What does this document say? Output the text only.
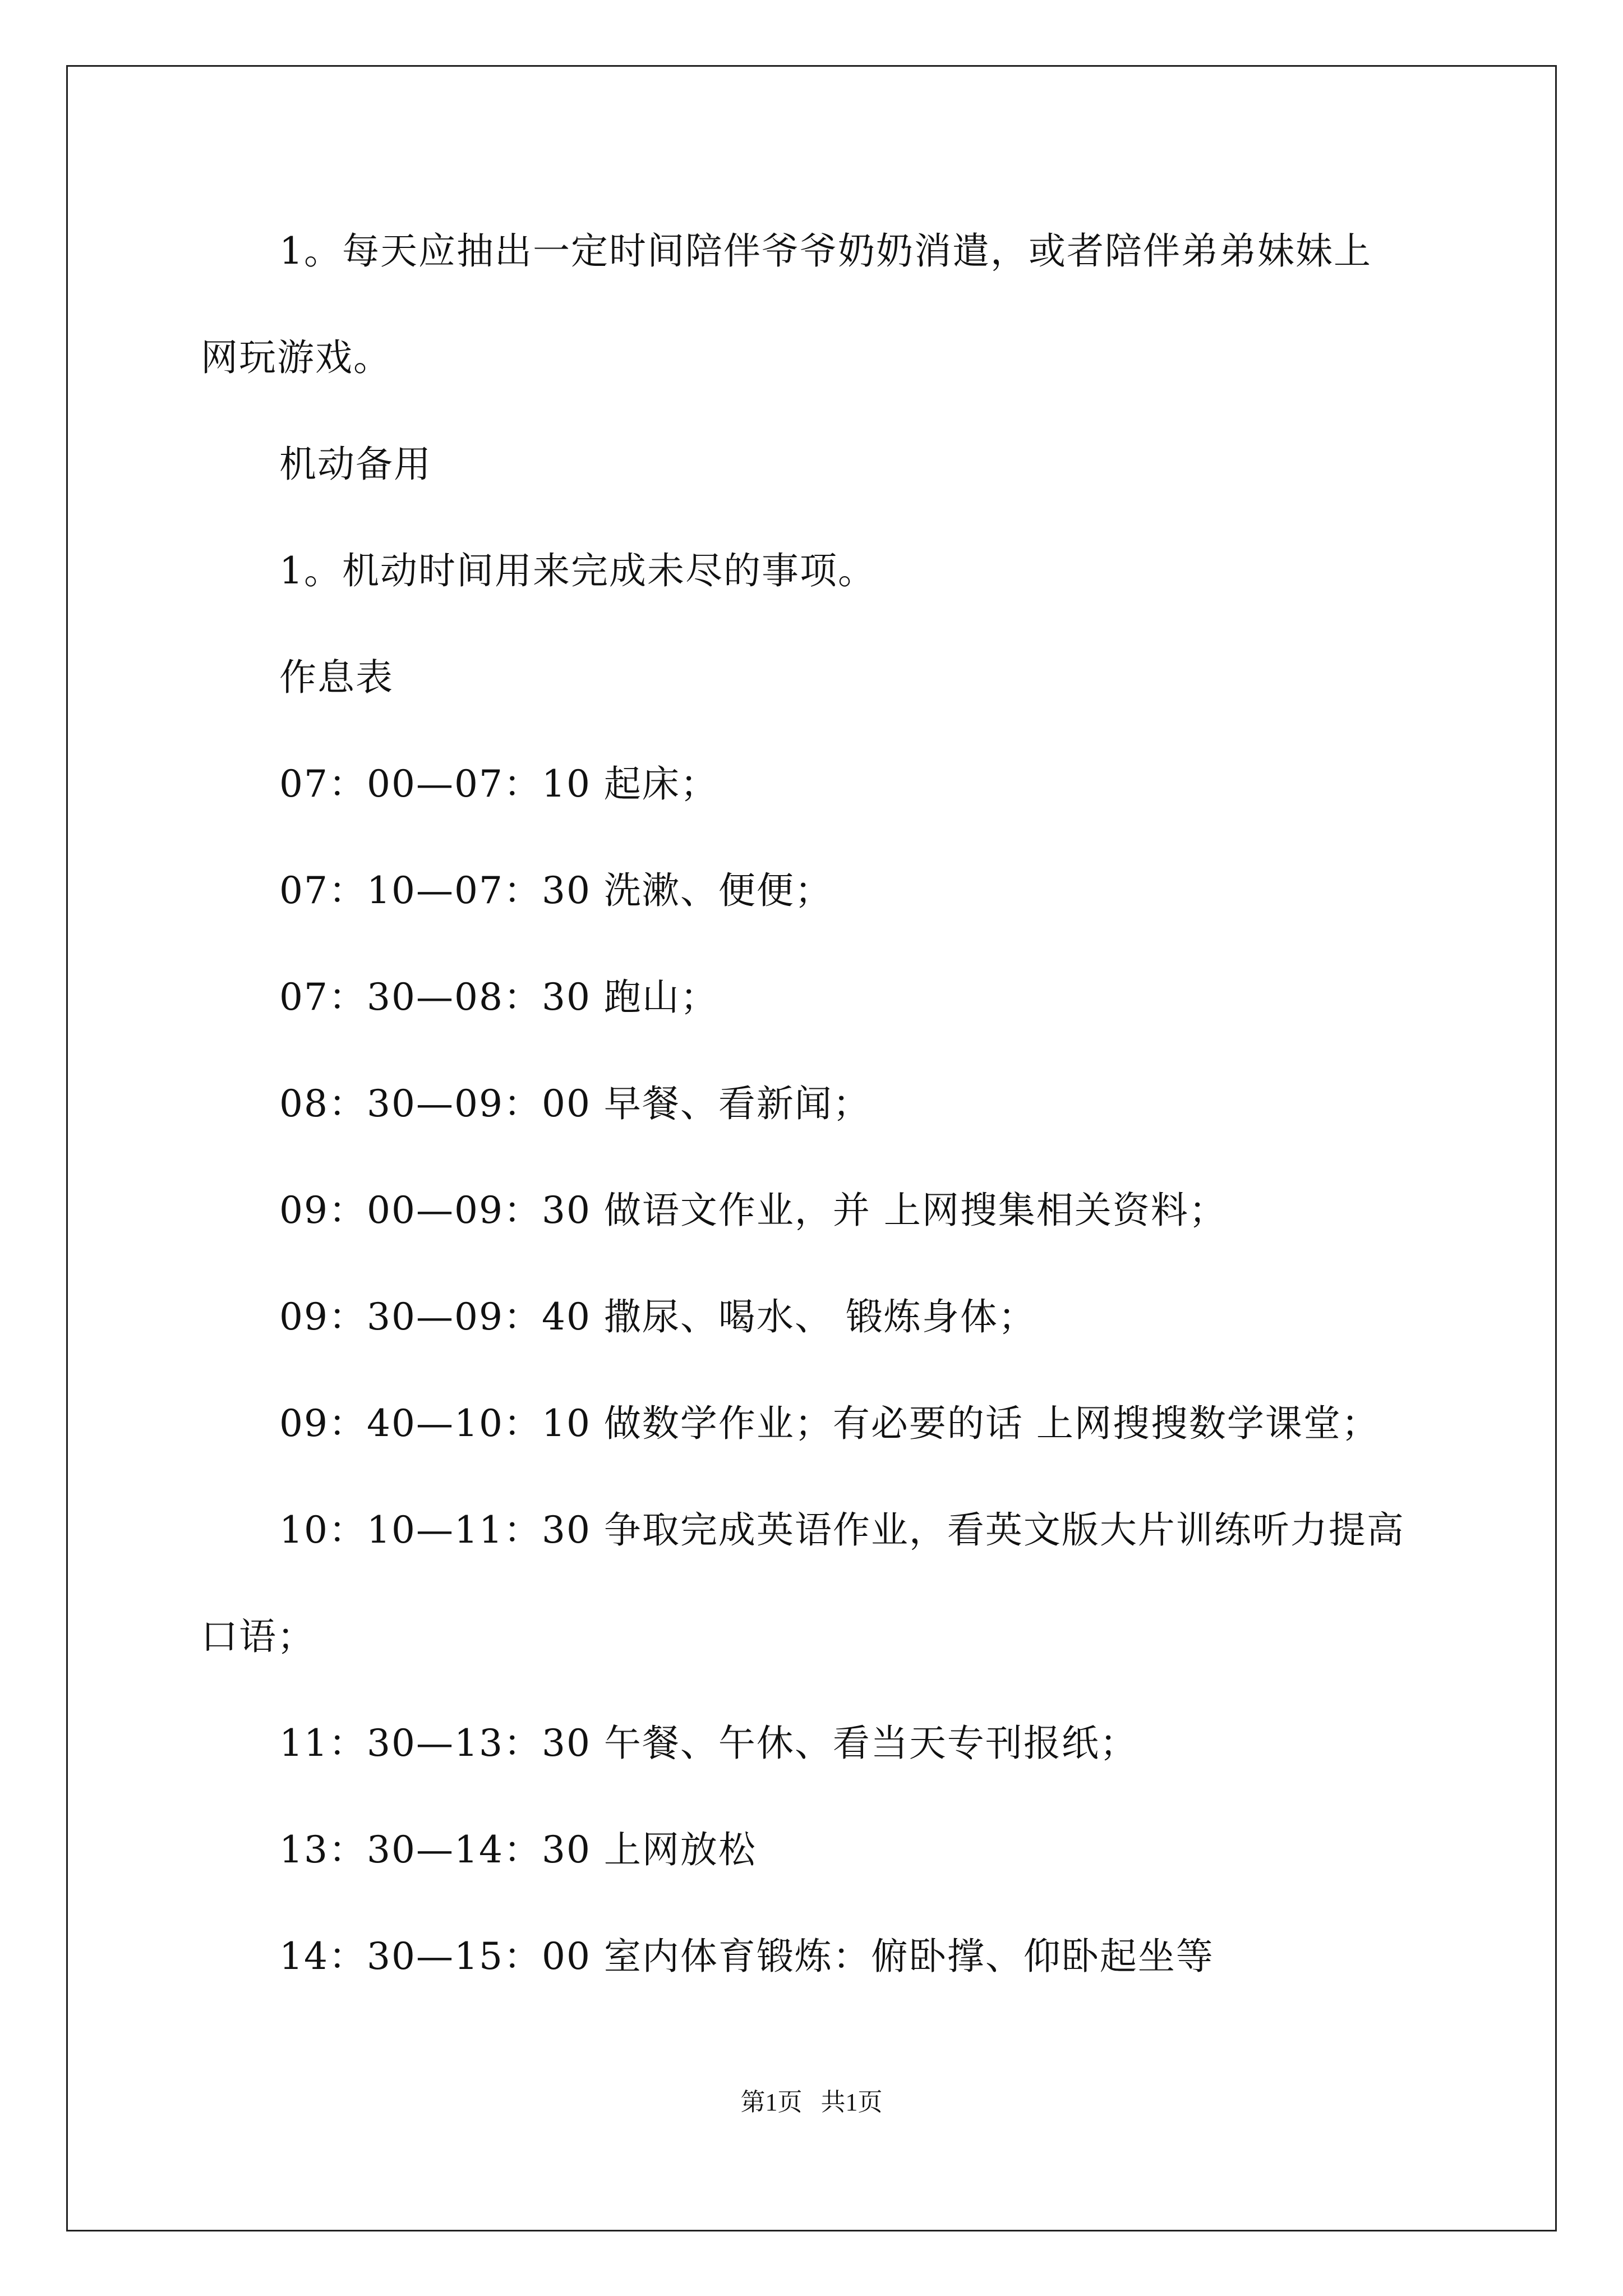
1。每天应抽出一定时间陪伴爷爷奶奶消遣，或者陪伴弟弟妹妹上
网玩游戏。
机动备用
1。机动时间用来完成未尽的事项。
作息表
07：00—07：10 起床；
07：10—07：30 洗漱、便便；
07：30—08：30 跑山；
08：30—09：00 早餐、看新闻；
09：00—09：30 做语文作业，并 上网搜集相关资料；
09：30—09：40 撒尿、喝水、 锻炼身体；
09：40—10：10 做数学作业；有必要的话 上网搜搜数学课堂；
10：10—11：30 争取完成英语作业，看英文版大片训练听力提高
口语；
11：30—13：30 午餐、午休、看当天专刊报纸；
13：30—14：30 上网放松
14：30—15：00 室内体育锻炼：俯卧撑、仰卧起坐等
第1页   共1页
